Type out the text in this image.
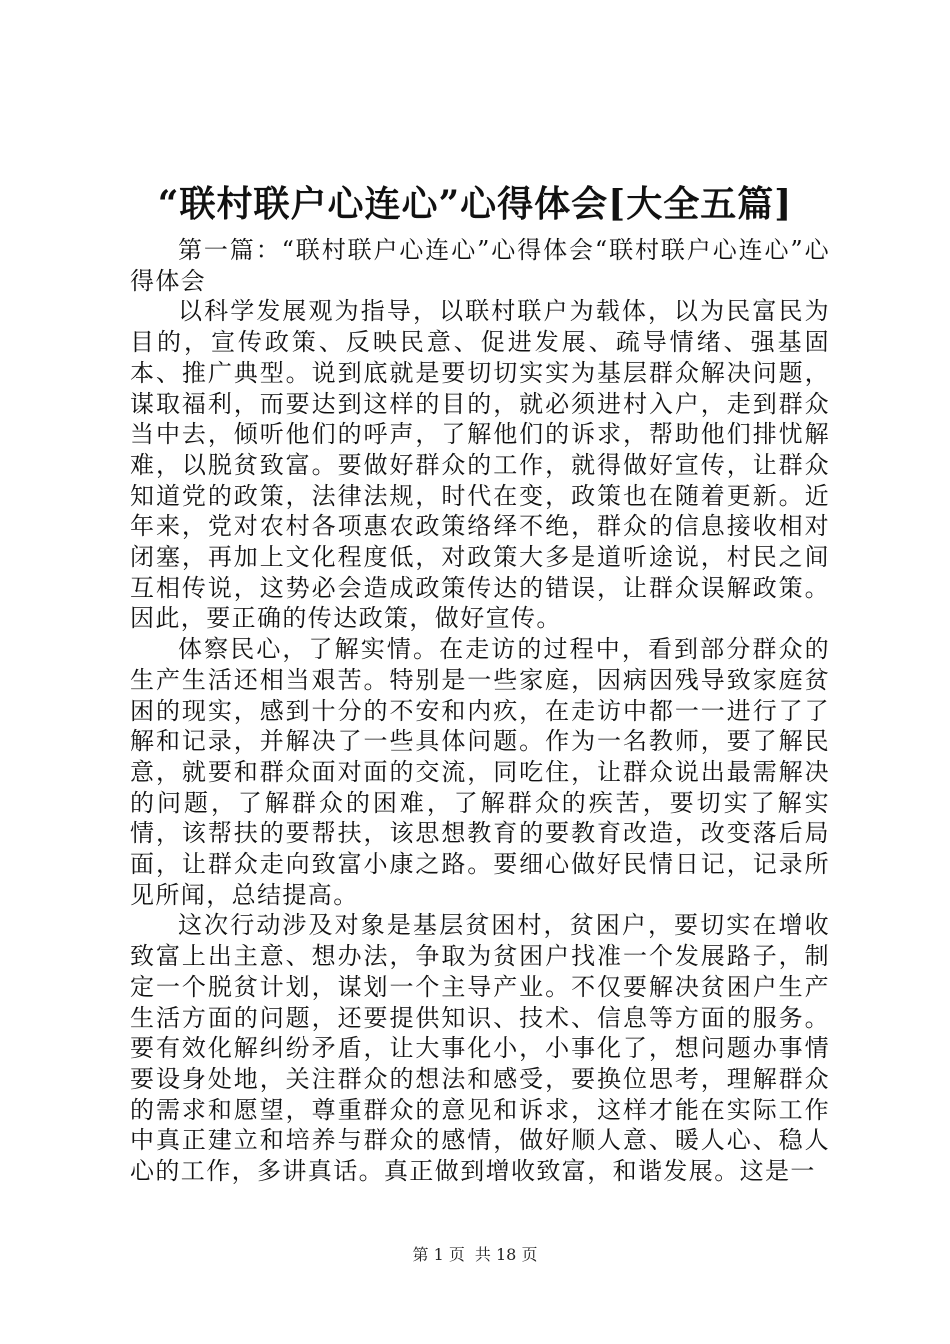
“联村联户心连心”心得体会[大全五篇]

第一篇：“联村联户心连心”心得体会“联村联户心连心”心得体会

以科学发展观为指导，以联村联户为载体，以为民富民为目的，宣传政策、反映民意、促进发展、疏导情绪、强基固本、推广典型。说到底就是要切切实实为基层群众解决问题，谋取福利，而要达到这样的目的，就必须进村入户，走到群众当中去，倾听他们的呼声，了解他们的诉求，帮助他们排忧解难，以脱贫致富。要做好群众的工作，就得做好宣传，让群众知道党的政策，法律法规，时代在变，政策也在随着更新。近年来，党对农村各项惠农政策络绎不绝，群众的信息接收相对闭塞，再加上文化程度低，对政策大多是道听途说，村民之间互相传说，这势必会造成政策传达的错误，让群众误解政策。因此，要正确的传达政策，做好宣传。

体察民心，了解实情。在走访的过程中，看到部分群众的生产生活还相当艰苦。特别是一些家庭，因病因残导致家庭贫困的现实，感到十分的不安和内疚，在走访中都一一进行了了解和记录，并解决了一些具体问题。作为一名教师，要了解民意，就要和群众面对面的交流，同吃住，让群众说出最需解决的问题，了解群众的困难，了解群众的疾苦，要切实了解实情，该帮扶的要帮扶，该思想教育的要教育改造，改变落后局面，让群众走向致富小康之路。要细心做好民情日记，记录所见所闻，总结提高。

这次行动涉及对象是基层贫困村，贫困户，要切实在增收致富上出主意、想办法，争取为贫困户找准一个发展路子，制定一个脱贫计划，谋划一个主导产业。不仅要解决贫困户生产生活方面的问题，还要提供知识、技术、信息等方面的服务。要有效化解纠纷矛盾，让大事化小，小事化了，想问题办事情要设身处地，关注群众的想法和感受，要换位思考，理解群众的需求和愿望，尊重群众的意见和诉求，这样才能在实际工作中真正建立和培养与群众的感情，做好顺人意、暖人心、稳人心的工作，多讲真话。真正做到增收致富，和谐发展。这是一

第 1 页 共 18 页
